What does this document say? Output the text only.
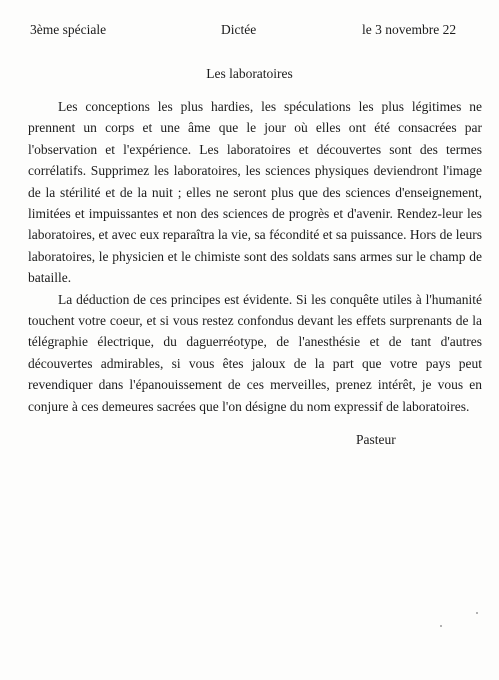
3ème spéciale	Dictée	le 3 novembre 22
Les laboratoires

Les conceptions les plus hardies, les spéculations les plus légitimes ne prennent un corps et une âme que le jour où elles ont été consacrées par l'observation et l'expérience. Les laboratoires et découvertes sont des termes corrélatifs. Supprimez les laboratoires, les sciences physiques deviendront l'image de la stérilité et de la nuit ; elles ne seront plus que des sciences d'enseignement, limitées et impuissantes et non des sciences de progrès et d'avenir. Rendez-leur les laboratoires, et avec eux reparaîtra la vie, sa fécondité et sa puissance. Hors de leurs laboratoires, le physicien et le chimiste sont des soldats sans armes sur le champ de bataille.

La déduction de ces principes est évidente. Si les conquête utiles à l'humanité touchent votre coeur, et si vous restez confondus devant les effets surprenants de la télégraphie électrique, du daguerréotype, de l'anesthésie et de tant d'autres découvertes admirables, si vous êtes jaloux de la part que votre pays peut revendiquer dans l'épanouissement de ces merveilles, prenez intérêt, je vous en conjure à ces demeures sacrées que l'on désigne du nom expressif de laboratoires.

Pasteur
